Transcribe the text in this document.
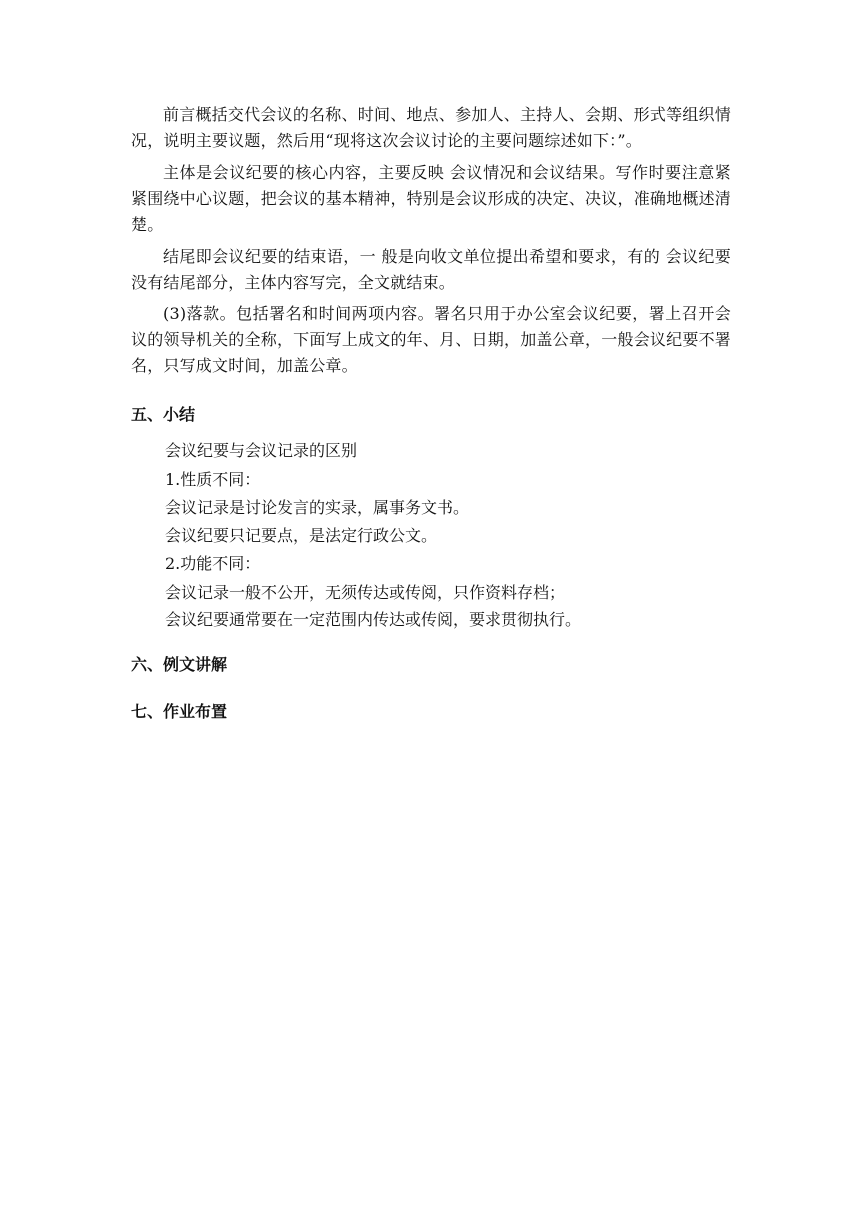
前言概括交代会议的名称、时间、地点、参加人、主持人、会期、形式等组织情况，说明主要议题，然后用“现将这次会议讨论的主要问题综述如下：”。

主体是会议纪要的核心内容，主要反映 会议情况和会议结果。写作时要注意紧紧围绕中心议题，把会议的基本精神，特别是会议形成的决定、决议，准确地概述清楚。

结尾即会议纪要的结束语，一 般是向收文单位提出希望和要求，有的 会议纪要没有结尾部分，主体内容写完，全文就结束。

(3)落款。包括署名和时间两项内容。署名只用于办公室会议纪要，署上召开会议的领导机关的全称，下面写上成文的年、月、日期，加盖公章，一般会议纪要不署名，只写成文时间，加盖公章。

五、小结

会议纪要与会议记录的区别

1.性质不同：

会议记录是讨论发言的实录，属事务文书。

会议纪要只记要点，是法定行政公文。

2.功能不同：

会议记录一般不公开，无须传达或传阅，只作资料存档；

会议纪要通常要在一定范围内传达或传阅，要求贯彻执行。

六、例文讲解
七、作业布置
